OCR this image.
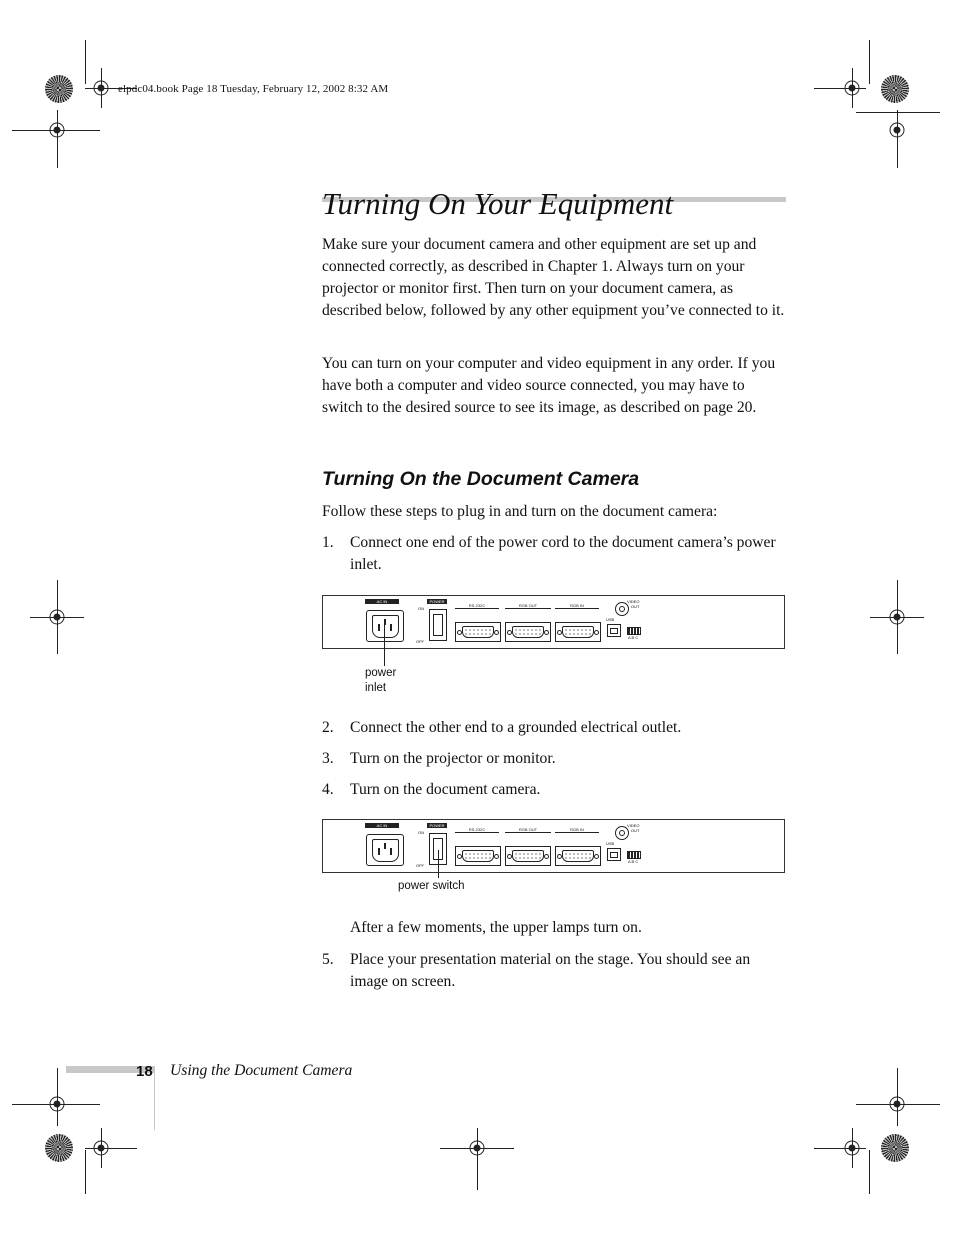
elpdc04.book Page 18 Tuesday, February 12, 2002 8:32 AM
Turning On Your Equipment

Make sure your document camera and other equipment are set up and connected correctly, as described in Chapter 1. Always turn on your projector or monitor first. Then turn on your document camera, as described below, followed by any other equipment you’ve connected to it.

You can turn on your computer and video equipment in any order. If you have both a computer and video source connected, you may have to switch to the desired source to see its image, as described on page 20.

Turning On the Document Camera

Follow these steps to plug in and turn on the document camera:

1.	Connect one end of the power cord to the document camera’s power inlet.
AC IN	POWER
ON
OFF
RS-232C	RGB OUT	RGB IN
VIDEO
OUT
USB
A B C
power
inlet
2.	Connect the other end to a grounded electrical outlet.
3.	Turn on the projector or monitor.
4.	Turn on the document camera.
AC IN	POWER
ON
OFF
RS-232C	RGB OUT	RGB IN
VIDEO
OUT
USB
A B C
power switch
After a few moments, the upper lamps turn on.
5.	Place your presentation material on the stage. You should see an image on screen.
18 Using the Document Camera
